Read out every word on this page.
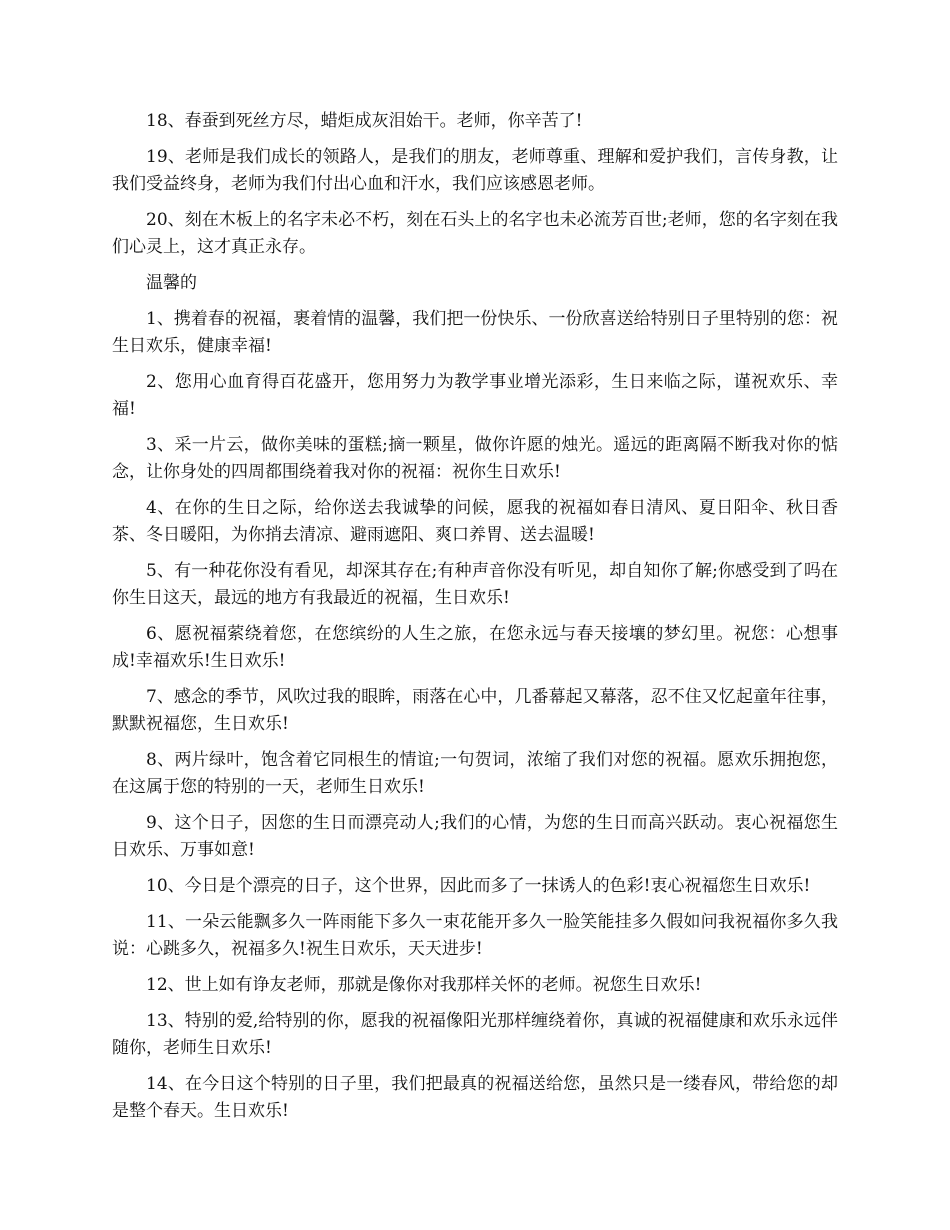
18、春蚕到死丝方尽，蜡炬成灰泪始干。老师，你辛苦了!

19、老师是我们成长的领路人，是我们的朋友，老师尊重、理解和爱护我们，言传身教，让我们受益终身，老师为我们付出心血和汗水，我们应该感恩老师。

20、刻在木板上的名字未必不朽，刻在石头上的名字也未必流芳百世;老师，您的名字刻在我们心灵上，这才真正永存。

温馨的

1、携着春的祝福，裹着情的温馨，我们把一份快乐、一份欣喜送给特别日子里特别的您：祝生日欢乐，健康幸福!

2、您用心血育得百花盛开，您用努力为教学事业增光添彩，生日来临之际，谨祝欢乐、幸福!

3、采一片云，做你美味的蛋糕;摘一颗星，做你许愿的烛光。遥远的距离隔不断我对你的惦念，让你身处的四周都围绕着我对你的祝福：祝你生日欢乐!

4、在你的生日之际，给你送去我诚挚的问候，愿我的祝福如春日清风、夏日阳伞、秋日香茶、冬日暖阳，为你捎去清凉、避雨遮阳、爽口养胃、送去温暖!

5、有一种花你没有看见，却深其存在;有种声音你没有听见，却自知你了解;你感受到了吗在你生日这天，最远的地方有我最近的祝福，生日欢乐!

6、愿祝福萦绕着您，在您缤纷的人生之旅，在您永远与春天接壤的梦幻里。祝您：心想事成!幸福欢乐!生日欢乐!

7、感念的季节，风吹过我的眼眸，雨落在心中，几番幕起又幕落，忍不住又忆起童年往事，默默祝福您，生日欢乐!

8、两片绿叶，饱含着它同根生的情谊;一句贺词，浓缩了我们对您的祝福。愿欢乐拥抱您，在这属于您的特别的一天，老师生日欢乐!

9、这个日子，因您的生日而漂亮动人;我们的心情，为您的生日而高兴跃动。衷心祝福您生日欢乐、万事如意!

10、今日是个漂亮的日子，这个世界，因此而多了一抹诱人的色彩!衷心祝福您生日欢乐!

11、一朵云能飘多久一阵雨能下多久一束花能开多久一脸笑能挂多久假如问我祝福你多久我说：心跳多久，祝福多久!祝生日欢乐，天天进步!

12、世上如有诤友老师，那就是像你对我那样关怀的老师。祝您生日欢乐!

13、特别的爱,给特别的你，愿我的祝福像阳光那样缠绕着你，真诚的祝福健康和欢乐永远伴随你，老师生日欢乐!

14、在今日这个特别的日子里，我们把最真的祝福送给您，虽然只是一缕春风，带给您的却是整个春天。生日欢乐!
